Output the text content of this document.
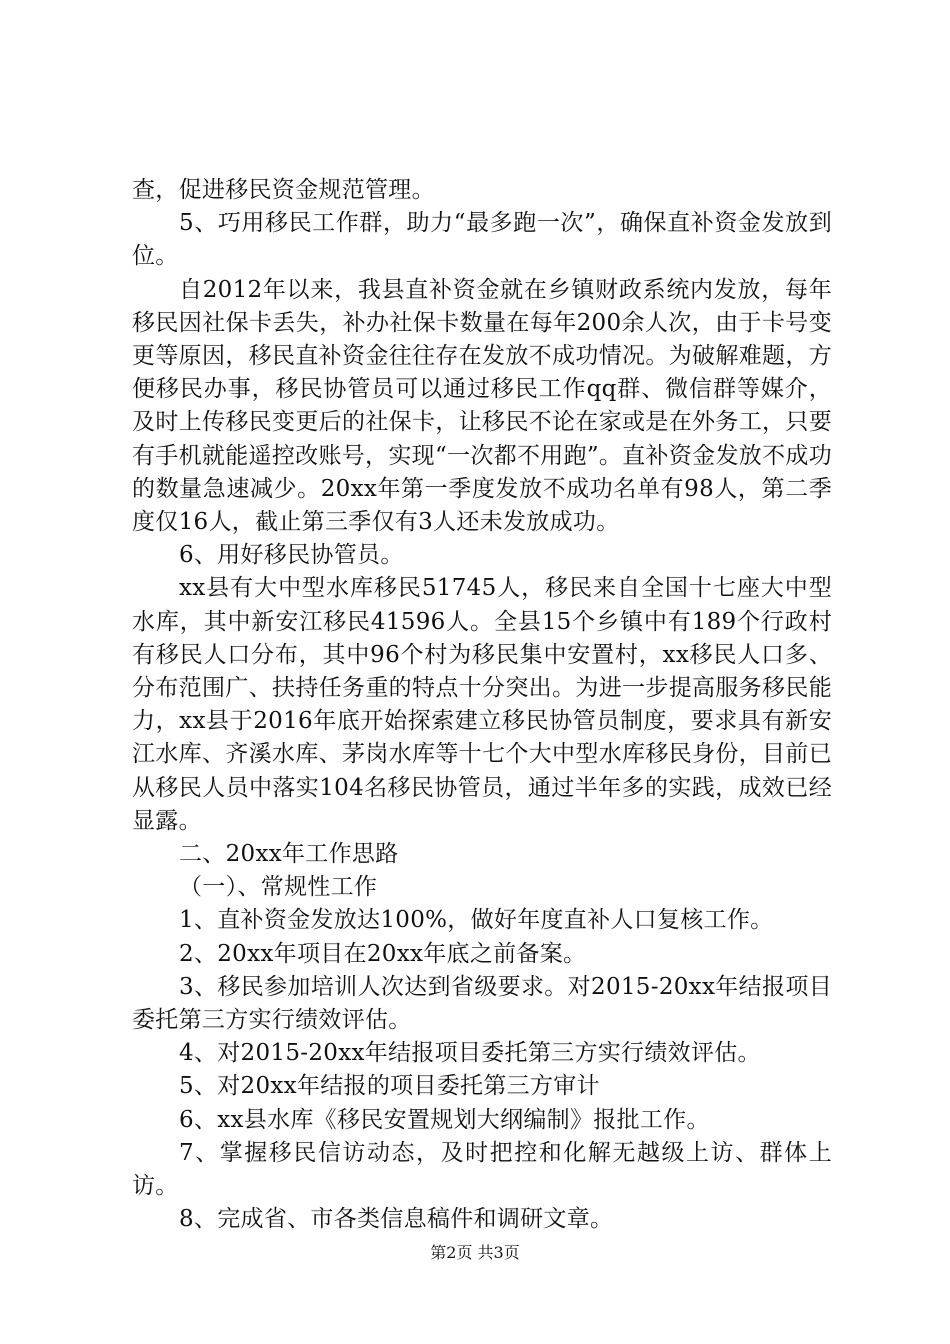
查，促进移民资金规范管理。

5、巧用移民工作群，助力“最多跑一次”，确保直补资金发放到位。

自2012年以来，我县直补资金就在乡镇财政系统内发放，每年移民因社保卡丢失，补办社保卡数量在每年200余人次，由于卡号变更等原因，移民直补资金往往存在发放不成功情况。为破解难题，方便移民办事，移民协管员可以通过移民工作qq群、微信群等媒介，及时上传移民变更后的社保卡，让移民不论在家或是在外务工，只要有手机就能遥控改账号，实现“一次都不用跑”。直补资金发放不成功的数量急速减少。20xx年第一季度发放不成功名单有98人，第二季度仅16人，截止第三季仅有3人还未发放成功。

6、用好移民协管员。

xx县有大中型水库移民51745人，移民来自全国十七座大中型水库，其中新安江移民41596人。全县15个乡镇中有189个行政村有移民人口分布，其中96个村为移民集中安置村，xx移民人口多、分布范围广、扶持任务重的特点十分突出。为进一步提高服务移民能力，xx县于2016年底开始探索建立移民协管员制度，要求具有新安江水库、齐溪水库、茅岗水库等十七个大中型水库移民身份，目前已从移民人员中落实104名移民协管员，通过半年多的实践，成效已经显露。

二、20xx年工作思路

（一）、常规性工作

1、直补资金发放达100%，做好年度直补人口复核工作。

2、20xx年项目在20xx年底之前备案。

3、移民参加培训人次达到省级要求。对2015-20xx年结报项目委托第三方实行绩效评估。

4、对2015-20xx年结报项目委托第三方实行绩效评估。

5、对20xx年结报的项目委托第三方审计

6、xx县水库《移民安置规划大纲编制》报批工作。

7、掌握移民信访动态，及时把控和化解无越级上访、群体上访。

8、完成省、市各类信息稿件和调研文章。

第2页 共3页
